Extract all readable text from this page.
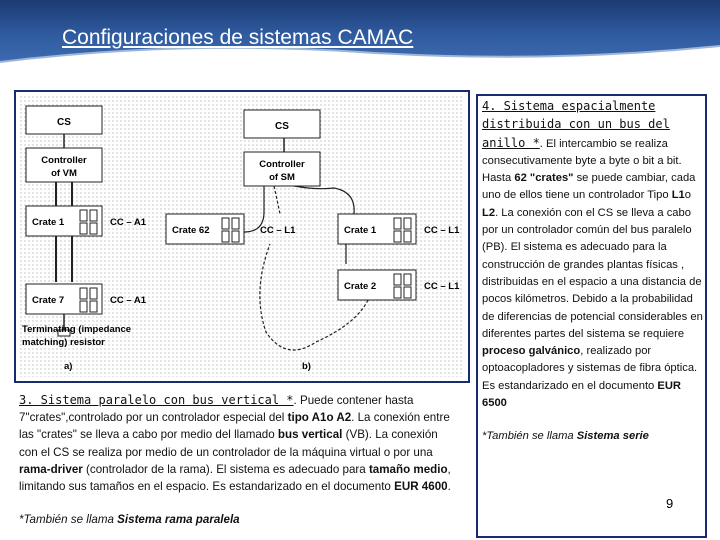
Configuraciones de sistemas CAMAC
CS
Controller
of VM
Crate 1	CC – A1
Crate 7	CC – A1
Terminating (impedance
matching) resistor
a)
CS
Controller
of SM
Crate 62	CC – L1	Crate 1	CC – L1
Crate 2	CC – L1
b)
3. Sistema paralelo con bus vertical *. Puede contener hasta 7"crates",controlado por un controlador especial del tipo A1o A2. La conexión entre las "crates" se lleva a cabo por medio del llamado bus vertical (VB). La conexión con el CS se realiza por medio de un controlador de la máquina virtual o por una rama-driver (controlador de la rama). El sistema es adecuado para tamaño medio, limitando sus tamaños en el espacio. Es estandarizado en el documento EUR 4600.
*También se llama Sistema rama paralela
4. Sistema espacialmente distribuida con un bus del anillo *. El intercambio se realiza consecutivamente byte a byte o bit a bit. Hasta 62 "crates" se puede cambiar, cada uno de ellos tiene un controlador Tipo L1o L2. La conexión con el CS se lleva a cabo por un controlador común del bus paralelo (PB). El sistema es adecuado para la construcción de grandes plantas físicas , distribuidas en el espacio a una distancia de pocos kilómetros. Debido a la probabilidad de diferencias de potencial considerables en diferentes partes del sistema se requiere proceso galvánico, realizado por optoacopladores y sistemas de fibra óptica. Es estandarizado en el documento EUR 6500
*También se llama Sistema serie
9
